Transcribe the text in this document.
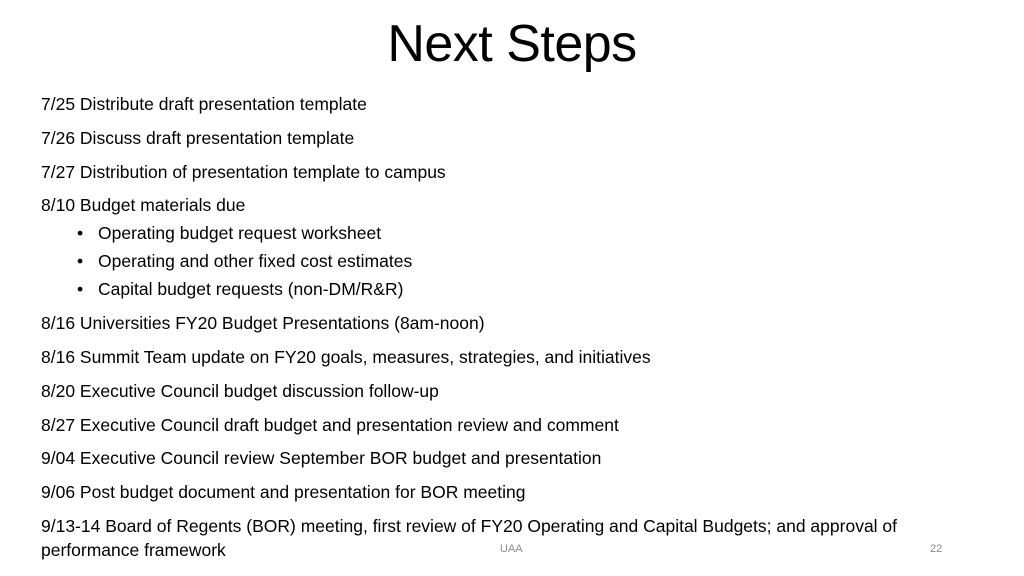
Next Steps
7/25 Distribute draft presentation template
7/26 Discuss draft presentation template
7/27 Distribution of presentation template to campus
8/10 Budget materials due
• Operating budget request worksheet
• Operating and other fixed cost estimates
• Capital budget requests (non-DM/R&R)
8/16 Universities FY20 Budget Presentations (8am-noon)
8/16 Summit Team update on FY20 goals, measures, strategies, and initiatives
8/20 Executive Council budget discussion follow-up
8/27 Executive Council draft budget and presentation review and comment
9/04 Executive Council review September BOR budget and presentation
9/06 Post budget document and presentation for BOR meeting
9/13-14 Board of Regents (BOR) meeting, first review of FY20 Operating and Capital Budgets; and approval of performance framework	UAA	22
